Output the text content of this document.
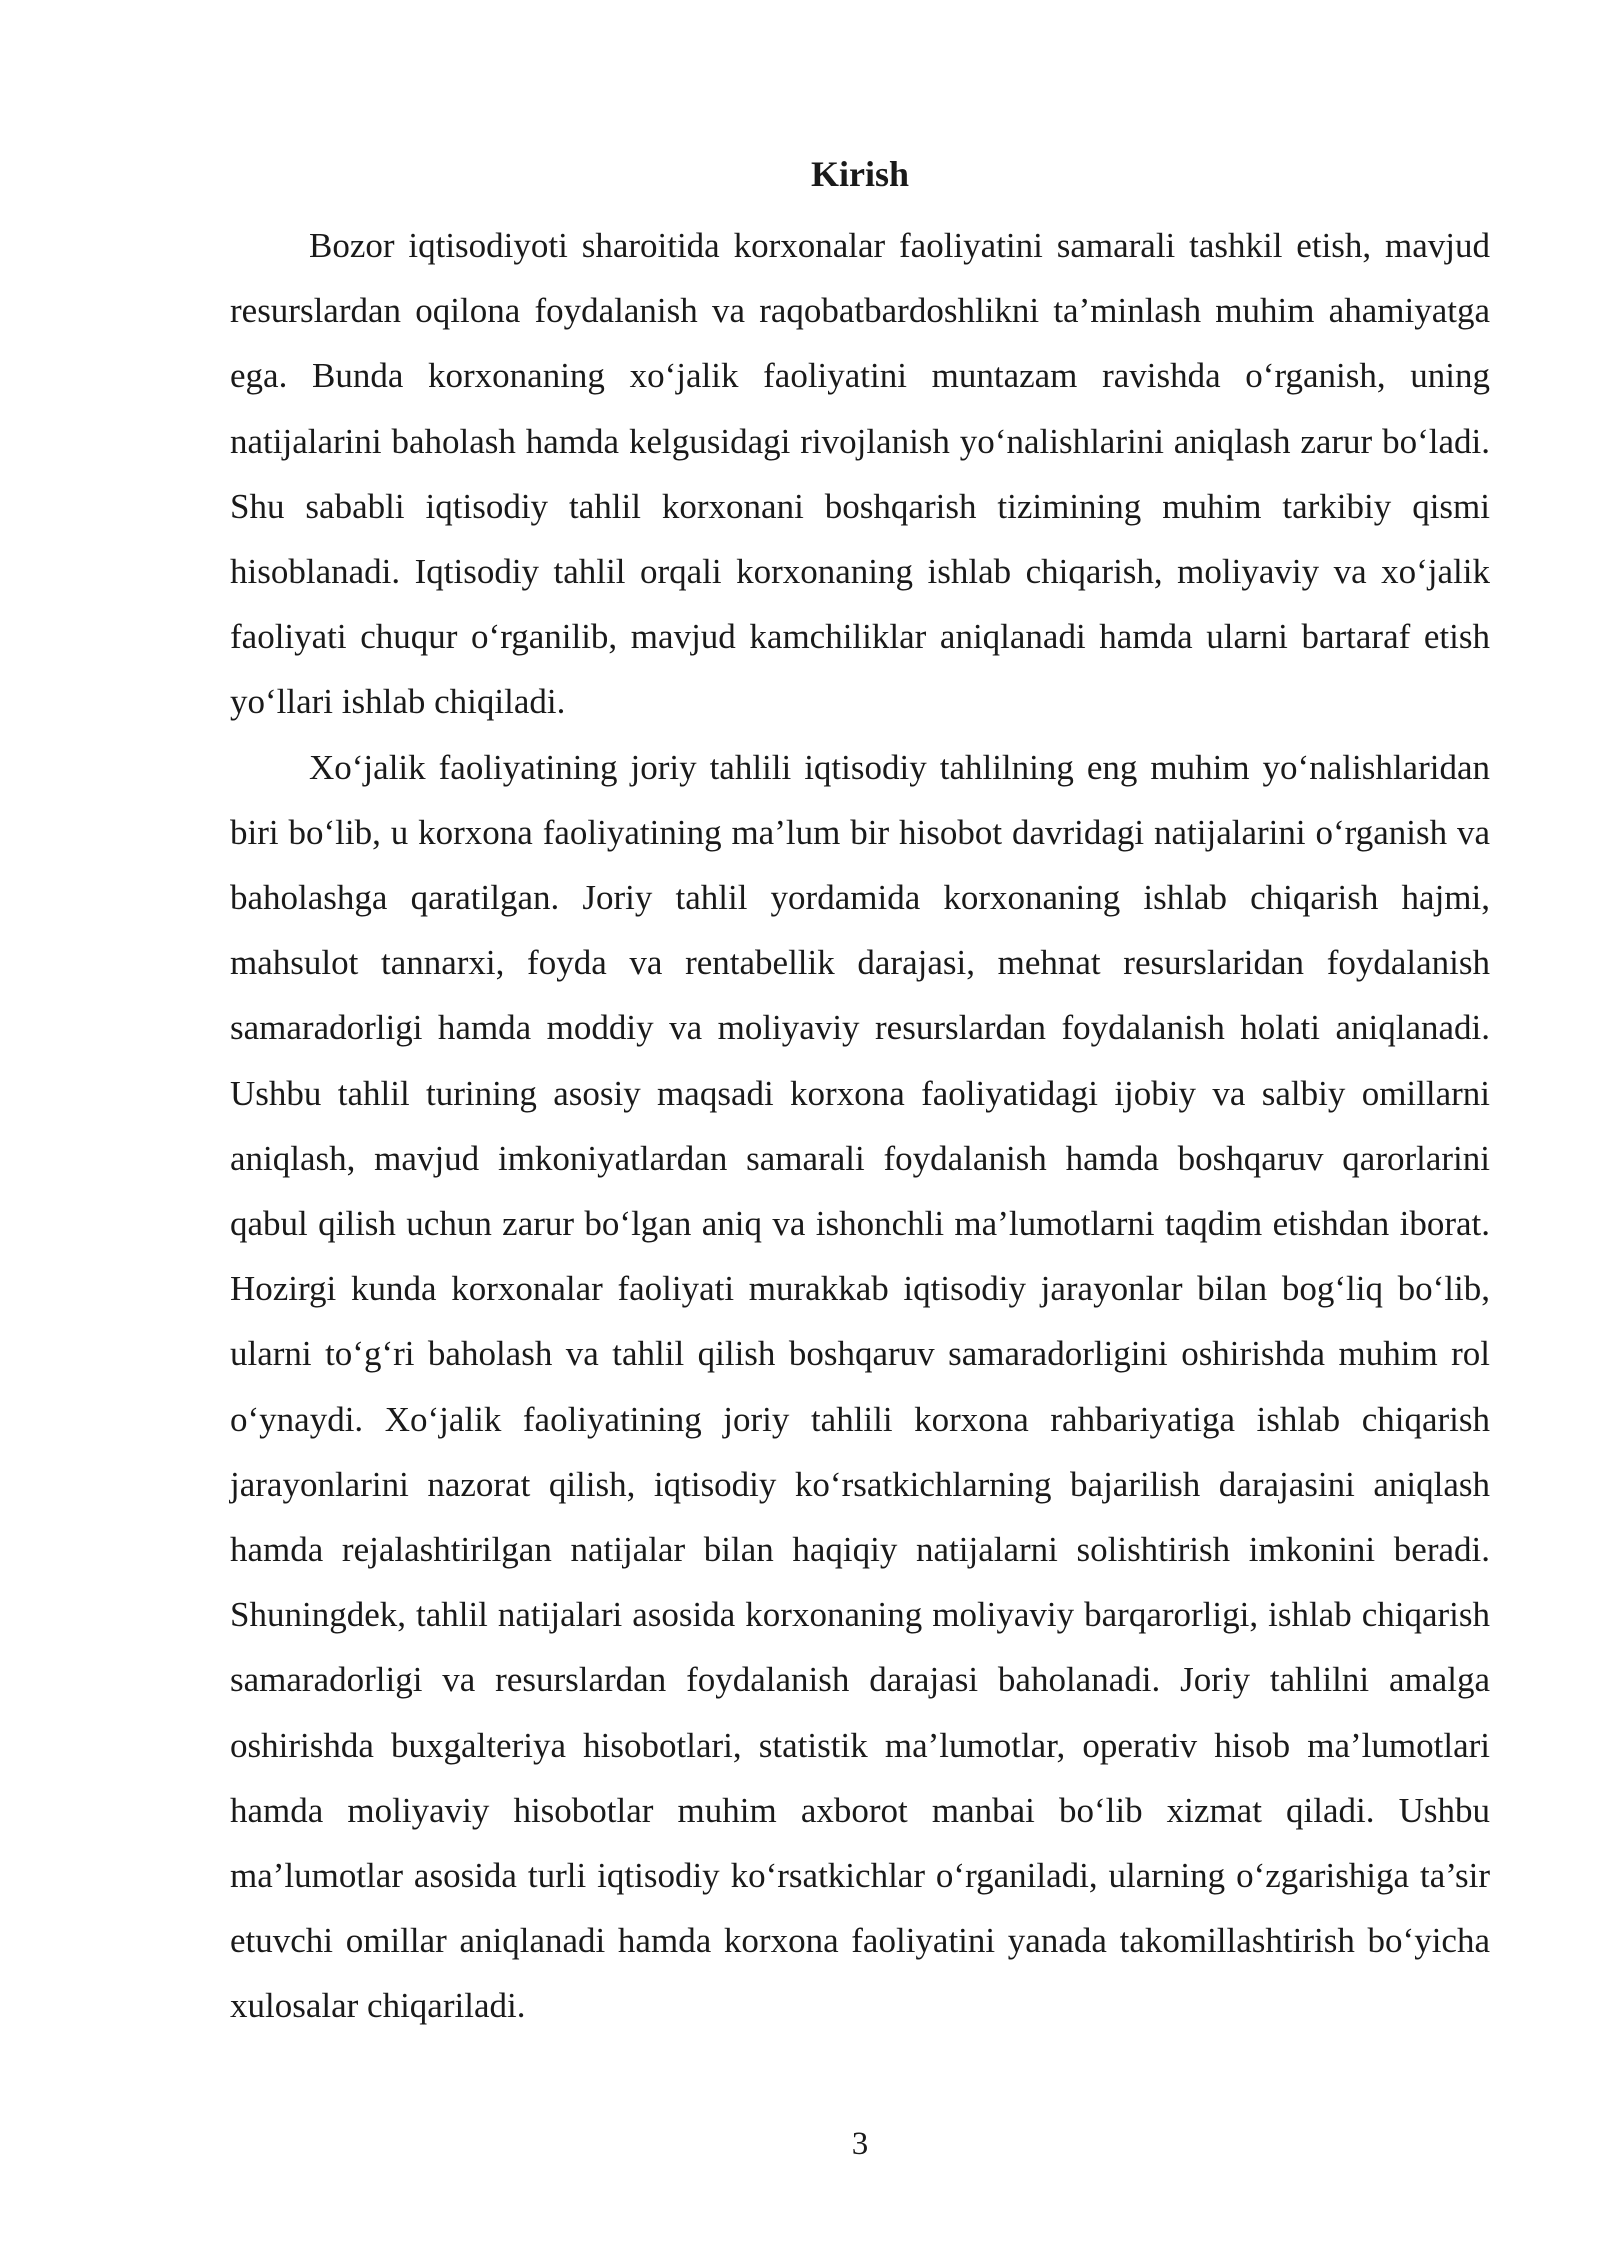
Kirish

Bozor iqtisodiyoti sharoitida korxonalar faoliyatini samarali tashkil etish, mavjud resurslardan oqilona foydalanish va raqobatbardoshlikni ta’minlash muhim ahamiyatga ega. Bunda korxonaning xo‘jalik faoliyatini muntazam ravishda o‘rganish, uning natijalarini baholash hamda kelgusidagi rivojlanish yo‘nalishlarini aniqlash zarur bo‘ladi. Shu sababli iqtisodiy tahlil korxonani boshqarish tizimining muhim tarkibiy qismi hisoblanadi. Iqtisodiy tahlil orqali korxonaning ishlab chiqarish, moliyaviy va xo‘jalik faoliyati chuqur o‘rganilib, mavjud kamchiliklar aniqlanadi hamda ularni bartaraf etish yo‘llari ishlab chiqiladi.

Xo‘jalik faoliyatining joriy tahlili iqtisodiy tahlilning eng muhim yo‘nalishlaridan biri bo‘lib, u korxona faoliyatining ma’lum bir hisobot davridagi natijalarini o‘rganish va baholashga qaratilgan. Joriy tahlil yordamida korxonaning ishlab chiqarish hajmi, mahsulot tannarxi, foyda va rentabellik darajasi, mehnat resurslaridan foydalanish samaradorligi hamda moddiy va moliyaviy resurslardan foydalanish holati aniqlanadi. Ushbu tahlil turining asosiy maqsadi korxona faoliyatidagi ijobiy va salbiy omillarni aniqlash, mavjud imkoniyatlardan samarali foydalanish hamda boshqaruv qarorlarini qabul qilish uchun zarur bo‘lgan aniq va ishonchli ma’lumotlarni taqdim etishdan iborat. Hozirgi kunda korxonalar faoliyati murakkab iqtisodiy jarayonlar bilan bog‘liq bo‘lib, ularni to‘g‘ri baholash va tahlil qilish boshqaruv samaradorligini oshirishda muhim rol o‘ynaydi. Xo‘jalik faoliyatining joriy tahlili korxona rahbariyatiga ishlab chiqarish jarayonlarini nazorat qilish, iqtisodiy ko‘rsatkichlarning bajarilish darajasini aniqlash hamda rejalashtirilgan natijalar bilan haqiqiy natijalarni solishtirish imkonini beradi. Shuningdek, tahlil natijalari asosida korxonaning moliyaviy barqarorligi, ishlab chiqarish samaradorligi va resurslardan foydalanish darajasi baholanadi. Joriy tahlilni amalga oshirishda buxgalteriya hisobotlari, statistik ma’lumotlar, operativ hisob ma’lumotlari hamda moliyaviy hisobotlar muhim axborot manbai bo‘lib xizmat qiladi. Ushbu ma’lumotlar asosida turli iqtisodiy ko‘rsatkichlar o‘rganiladi, ularning o‘zgarishiga ta’sir etuvchi omillar aniqlanadi hamda korxona faoliyatini yanada takomillashtirish bo‘yicha xulosalar chiqariladi.

3
